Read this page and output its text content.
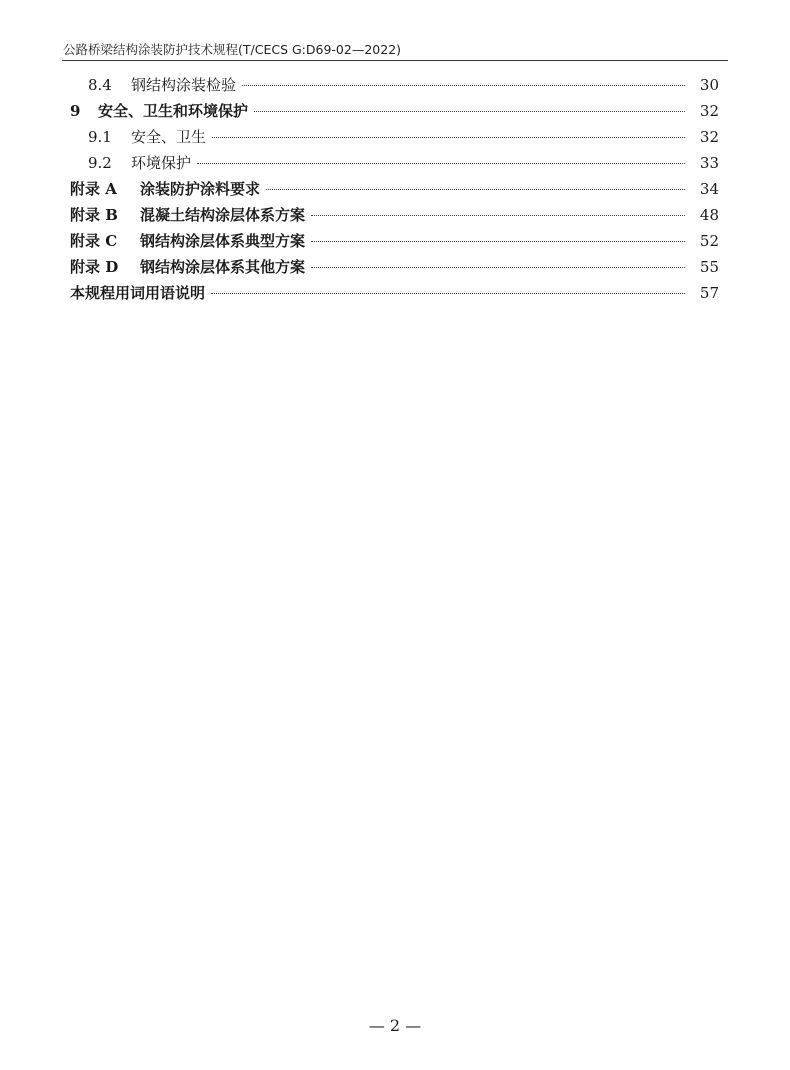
公路桥梁结构涂装防护技术规程(T/CECS G:D69-02—2022)
8.4	钢结构涂装检验	30
9	安全、卫生和环境保护	32
9.1	安全、卫生	32
9.2	环境保护	33
附录 A	涂装防护涂料要求	34
附录 B	混凝土结构涂层体系方案	48
附录 C	钢结构涂层体系典型方案	52
附录 D	钢结构涂层体系其他方案	55
本规程用词用语说明	57
— 2 —
